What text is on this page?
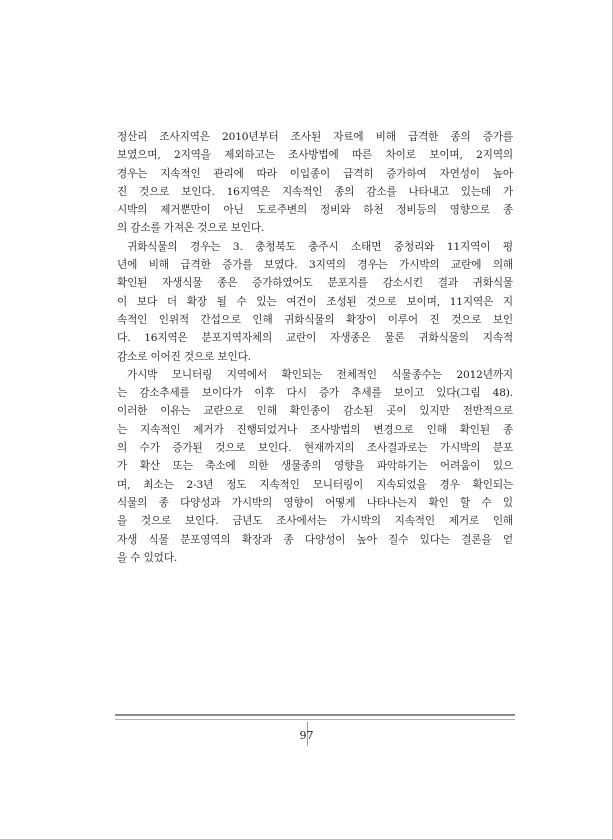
정산리 조사지역은 2010년부터 조사된 자료에 비해 급격한 종의 증가를
보였으며, 2지역을 제외하고는 조사방법에 따른 차이로 보이며, 2지역의
경우는 지속적인 관리에 따라 이입종이 급격히 증가하여 자연성이 높아
진 것으로 보인다. 16지역은 지속적인 종의 감소를 나타내고 있는데 가
시박의 제거뿐만이 아닌 도로주변의 정비와 하천 정비등의 영향으로 종
의 감소를 가져온 것으로 보인다.

귀화식물의 경우는 3. 충청북도 충주시 소태면 중청리와 11지역이 평
년에 비해 급격한 증가를 보였다. 3지역의 경우는 가시박의 교란에 의해
확인된 자생식물 종은 증가하였어도 분포지를 감소시킨 결과 귀화식물
이 보다 더 확장 될 수 있는 여건이 조성된 것으로 보이며, 11지역은 지
속적인 인위적 간섭으로 인해 귀화식물의 확장이 이루어 진 것으로 보인
다. 16지역은 분포지역자체의 교란이 자생종은 물론 귀화식물의 지속적
감소로 이어진 것으로 보인다.

가시박 모니터링 지역에서 확인되는 전체적인 식물종수는 2012년까지
는 감소추세를 보이다가 이후 다시 증가 추세를 보이고 있다(그림 48).
이러한 이유는 교란으로 인해 확인종이 감소된 곳이 있지만 전반적으로
는 지속적인 제거가 진행되었거나 조사방법의 변경으로 인해 확인된 종
의 수가 증가된 것으로 보인다. 현재까지의 조사결과로는 가시박의 분포
가 확산 또는 축소에 의한 생물종의 영향을 파악하기는 어려움이 있으
며, 최소는 2-3년 정도 지속적인 모니터링이 지속되었을 경우 확인되는
식물의 종 다양성과 가시박의 영향이 어떻게 나타나는지 확인 할 수 있
을 것으로 보인다. 금년도 조사에서는 가시박의 지속적인 제거로 인해
자생 식물 분포영역의 확장과 종 다양성이 높아 질수 있다는 결론을 얻
을 수 있었다.

97
